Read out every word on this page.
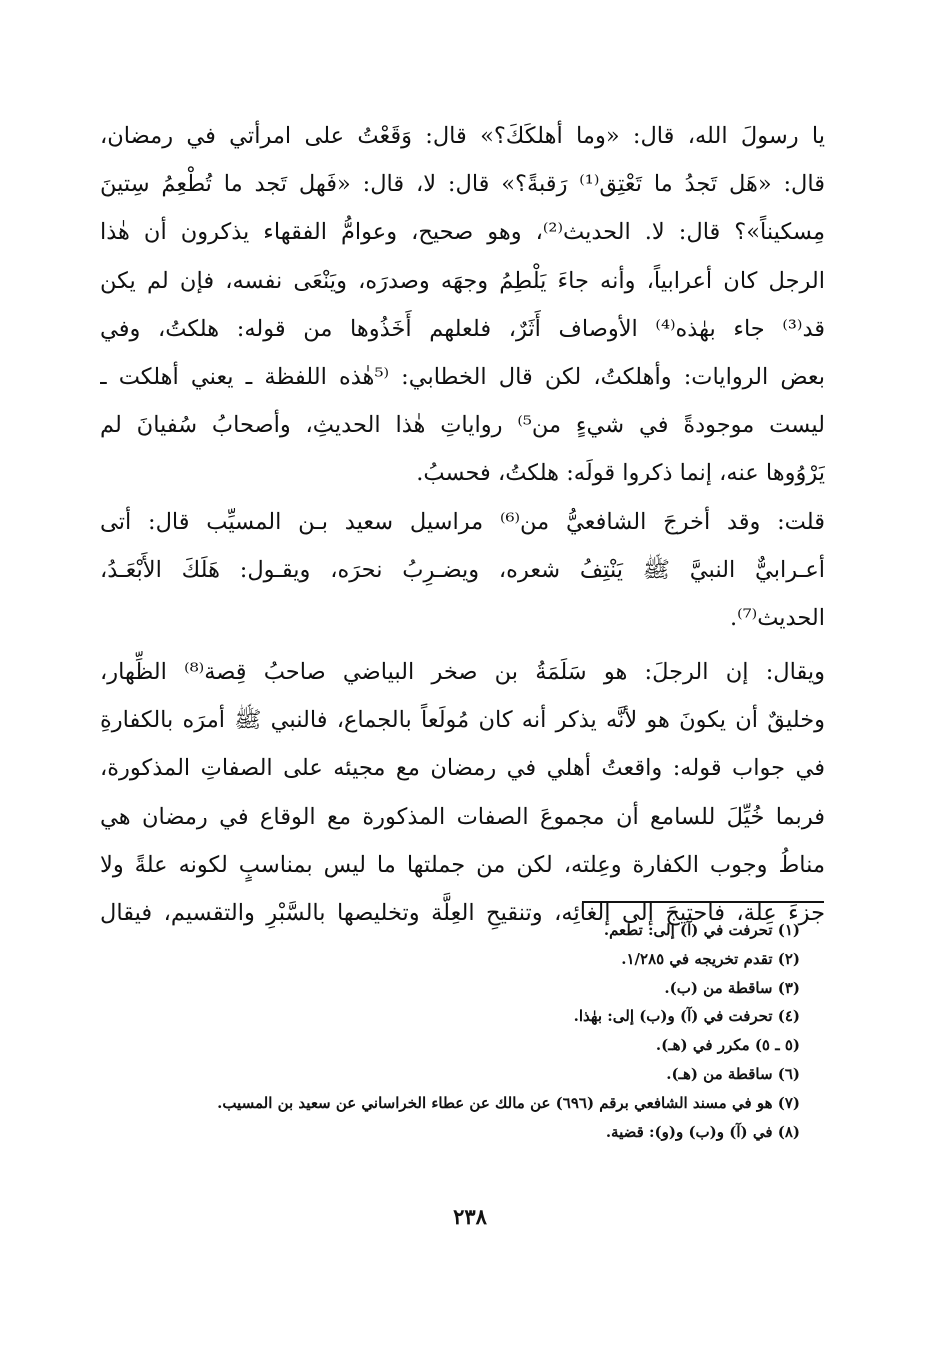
يا رسولَ الله، قال: «وما أهلكَكَ؟» قال: وَقَعْتُ على امرأتي في رمضان،
قال: «هَل تَجدُ ما تَعْتِق⁽¹⁾ رَقبةً؟» قال: لا، قال: «فَهل تَجد ما تُطْعِمُ سِتينَ
مِسكيناً»؟ قال: لا. الحديث⁽²⁾، وهو صحيح، وعوامُّ الفقهاء يذكرون أن هٰذا
الرجل كان أعرابياً، وأنه جاءَ يَلْطِمُ وجهَه وصدرَه، ويَنْعَى نفسه، فإن لم يكن
قد⁽³⁾ جاء بهٰذه⁽⁴⁾ الأوصاف أَثَرٌ، فلعلهم أَخَذُوها من قوله: هلكتُ، وفي
بعض الروايات: وأهلكتُ، لكن قال الخطابي: ⁽⁵هٰذه اللفظة ـ يعني أهلكت ـ
ليست موجودةً في شيءٍ من⁵⁾ رواياتِ هٰذا الحديثِ، وأصحابُ سُفيانَ لم
يَرْوُوها عنه، إنما ذكروا قولَه: هلكتُ، فحسبُ.
قلت: وقد أخرجَ الشافعيُّ من⁽⁶⁾ مراسيل سعيد بـن المسيِّب قال: أتى
أعـرابيٌّ النبيَّ ﷺ يَنْتِفُ شعره، ويضـرِبُ نحرَه، ويقـول: هَلَكَ الأَبْعَـدُ،
الحديث⁽⁷⁾.
ويقال: إن الرجلَ: هو سَلَمَةُ بن صخر البياضي صاحبُ قِصة⁽⁸⁾ الظِّهار،
وخليقٌ أن يكونَ هو لأنَّه يذكر أنه كان مُولَعاً بالجماع، فالنبي ﷺ أمرَه بالكفارةِ
في جواب قوله: واقعتُ أهلي في رمضان مع مجيئه على الصفاتِ المذكورة،
فربما خُيِّلَ للسامع أن مجموعَ الصفات المذكورة مع الوقاع في رمضان هي
مناطُ وجوب الكفارة وعِلته، لكن من جملتها ما ليس بمناسبٍ لكونه علةً ولا
جزءَ عِلة، فاحتيجَ إلى إلغائِه، وتنقيحِ العِلَّة وتخليصها بالسَّبْرِ والتقسيم، فيقال
(١) تحرفت في (آ) إلى: تطعم.
(٢) تقدم تخريجه في ١/٢٨٥.
(٣) ساقطة من (ب).
(٤) تحرفت في (آ) و(ب) إلى: بهٰذا.
(٥ ـ ٥) مكرر في (هـ).
(٦) ساقطة من (هـ).
(٧) هو في مسند الشافعي برقم (٦٩٦) عن مالك عن عطاء الخراساني عن سعيد بن المسيب.
(٨) في (آ) و(ب) و(و): قضية.
٢٣٨
